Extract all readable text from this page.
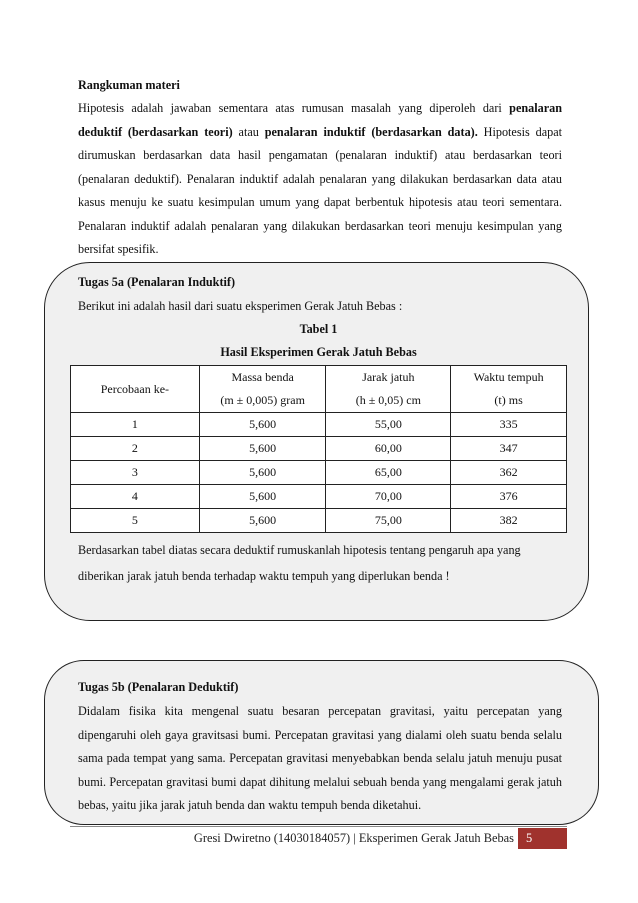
Rangkuman materi
Hipotesis adalah jawaban sementara atas rumusan masalah yang diperoleh dari penalaran deduktif (berdasarkan teori) atau penalaran induktif (berdasarkan data). Hipotesis dapat dirumuskan berdasarkan data hasil pengamatan (penalaran induktif) atau berdasarkan teori (penalaran deduktif). Penalaran induktif adalah penalaran yang dilakukan berdasarkan data atau kasus menuju ke suatu kesimpulan umum yang dapat berbentuk hipotesis atau teori sementara. Penalaran induktif adalah penalaran yang dilakukan berdasarkan teori menuju kesimpulan yang bersifat spesifik.
Tugas 5a (Penalaran Induktif)
Berikut ini adalah hasil dari suatu eksperimen Gerak Jatuh Bebas :
Tabel 1
Hasil Eksperimen Gerak Jatuh Bebas
Percobaan ke-	Massa benda	Jarak jatuh	Waktu tempuh
	(m ± 0,005) gram	(h ± 0,05) cm	(t) ms
1	5,600	55,00	335
2	5,600	60,00	347
3	5,600	65,00	362
4	5,600	70,00	376
5	5,600	75,00	382
Berdasarkan tabel diatas secara deduktif rumuskanlah hipotesis tentang pengaruh apa yang
diberikan jarak jatuh benda terhadap waktu tempuh yang diperlukan benda !
Tugas 5b (Penalaran Deduktif)
Didalam fisika kita mengenal suatu besaran percepatan gravitasi, yaitu percepatan yang dipengaruhi oleh gaya gravitsasi bumi. Percepatan gravitasi yang dialami oleh suatu benda selalu sama pada tempat yang sama. Percepatan gravitasi menyebabkan benda selalu jatuh menuju pusat bumi. Percepatan gravitasi bumi dapat dihitung melalui sebuah benda yang mengalami gerak jatuh bebas, yaitu jika jarak jatuh benda dan waktu tempuh benda diketahui.
Gresi Dwiretno (14030184057) | Eksperimen Gerak Jatuh Bebas 5
